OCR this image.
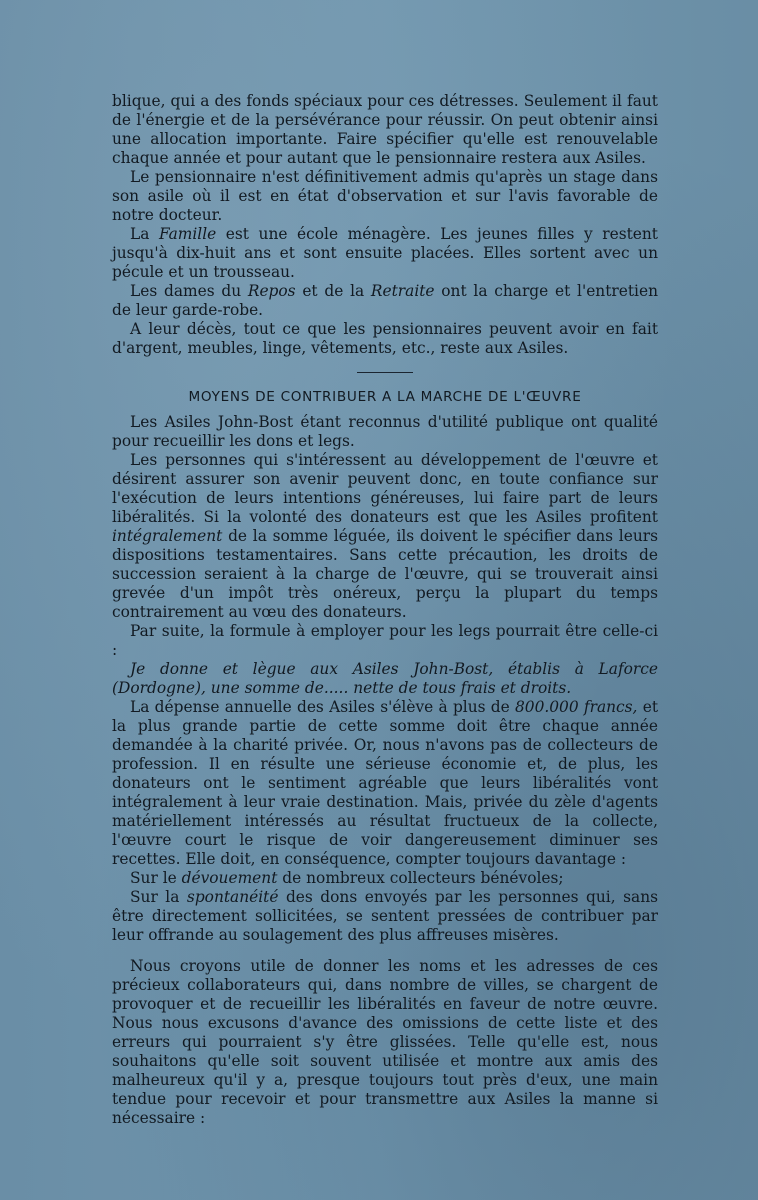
blique, qui a des fonds spéciaux pour ces détresses. Seulement il faut de l'énergie et de la persévérance pour réussir. On peut obtenir ainsi une allocation importante. Faire spécifier qu'elle est renouvelable chaque année et pour autant que le pensionnaire restera aux Asiles.

Le pensionnaire n'est définitivement admis qu'après un stage dans son asile où il est en état d'observation et sur l'avis favorable de notre docteur.

La Famille est une école ménagère. Les jeunes filles y restent jusqu'à dix-huit ans et sont ensuite placées. Elles sortent avec un pécule et un trousseau.

Les dames du Repos et de la Retraite ont la charge et l'entretien de leur garde-robe.

A leur décès, tout ce que les pensionnaires peuvent avoir en fait d'argent, meubles, linge, vêtements, etc., reste aux Asiles.

MOYENS DE CONTRIBUER A LA MARCHE DE L'ŒUVRE

Les Asiles John-Bost étant reconnus d'utilité publique ont qualité pour recueillir les dons et legs.

Les personnes qui s'intéressent au développement de l'œuvre et désirent assurer son avenir peuvent donc, en toute confiance sur l'exécution de leurs intentions généreuses, lui faire part de leurs libéralités. Si la volonté des donateurs est que les Asiles profitent intégralement de la somme léguée, ils doivent le spécifier dans leurs dispositions testamentaires. Sans cette précaution, les droits de succession seraient à la charge de l'œuvre, qui se trouverait ainsi grevée d'un impôt très onéreux, perçu la plupart du temps contrairement au vœu des donateurs.

Par suite, la formule à employer pour les legs pourrait être celle-ci :

Je donne et lègue aux Asiles John-Bost, établis à Laforce (Dordogne), une somme de..... nette de tous frais et droits.

La dépense annuelle des Asiles s'élève à plus de 800.000 francs, et la plus grande partie de cette somme doit être chaque année demandée à la charité privée. Or, nous n'avons pas de collecteurs de profession. Il en résulte une sérieuse économie et, de plus, les donateurs ont le sentiment agréable que leurs libéralités vont intégralement à leur vraie destination. Mais, privée du zèle d'agents matériellement intéressés au résultat fructueux de la collecte, l'œuvre court le risque de voir dangereusement diminuer ses recettes. Elle doit, en conséquence, compter toujours davantage :

Sur le dévouement de nombreux collecteurs bénévoles;

Sur la spontanéité des dons envoyés par les personnes qui, sans être directement sollicitées, se sentent pressées de contribuer par leur offrande au soulagement des plus affreuses misères.

Nous croyons utile de donner les noms et les adresses de ces précieux collaborateurs qui, dans nombre de villes, se chargent de provoquer et de recueillir les libéralités en faveur de notre œuvre. Nous nous excusons d'avance des omissions de cette liste et des erreurs qui pourraient s'y être glissées. Telle qu'elle est, nous souhaitons qu'elle soit souvent utilisée et montre aux amis des malheureux qu'il y a, presque toujours tout près d'eux, une main tendue pour recevoir et pour transmettre aux Asiles la manne si nécessaire :
